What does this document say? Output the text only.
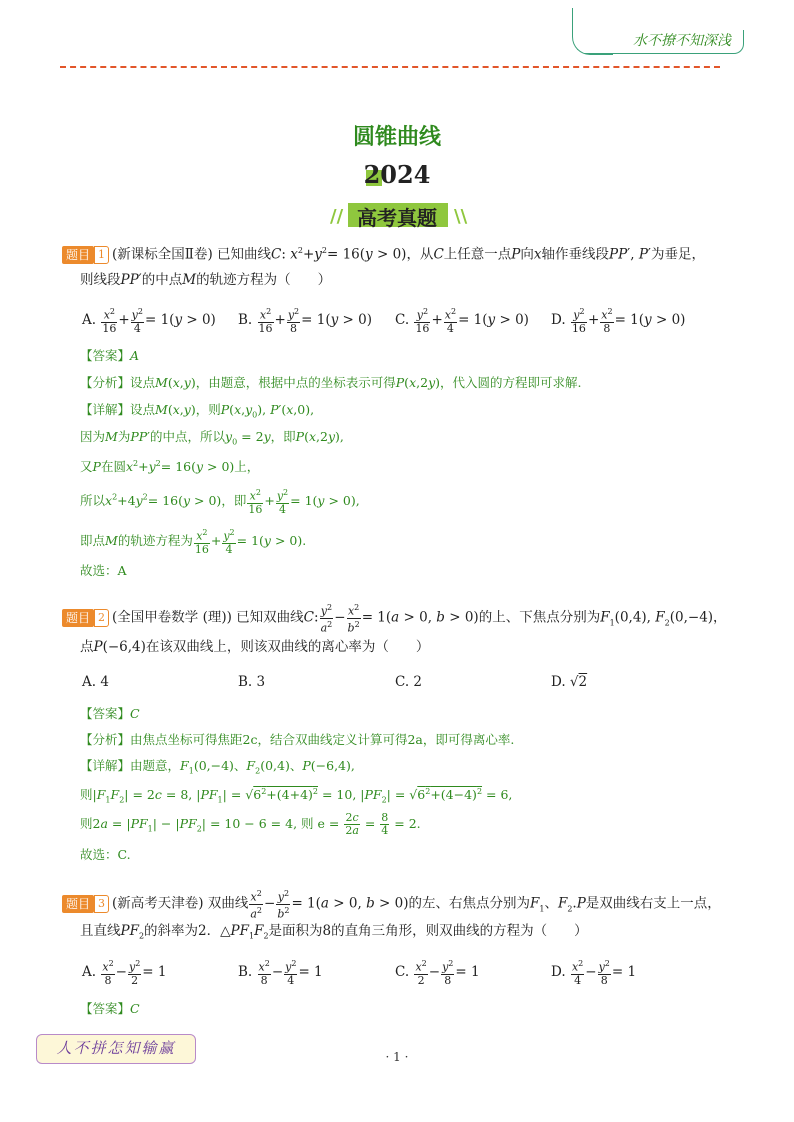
水不撩不知深浅
圆锥曲线
2024
高考真题
//	\\
题目 1 (新课标全国Ⅱ卷) 已知曲线C: $x^2+y^2= 16(y > 0)$，从C上任意一点P向x轴作垂线段PP′, P′为垂足，
则线段PP′的中点M的轨迹方程为（　　）
A. $\frac{x^2}{16} + \frac{y^2}{4} = 1(y > 0)$ B. $\frac{x^2}{16} + \frac{y^2}{8} = 1(y > 0)$ C. $\frac{y^2}{16} + \frac{x^2}{4} = 1(y > 0)$ D. $\frac{y^2}{16} + \frac{x^2}{8} = 1(y > 0)$
【答案】A
【分析】设点M(x,y)，由题意，根据中点的坐标表示可得P(x,2y)，代入圆的方程即可求解.
【详解】设点M(x,y)，则$P(x,y_0)$, P′(x,0),
因为M为PP′的中点，所以$y_0 = 2y$，即P(x,2y),
又P在圆$x^2+y^2= 16(y > 0)$上，
所以$x^2+4y^2= 16(y > 0)$，即 $\frac{x^2}{16} + \frac{y^2}{4} = 1(y > 0)$,
即点M的轨迹方程为 $\frac{x^2}{16} + \frac{y^2}{4} = 1(y > 0)$.
故选：A
题目 2 (全国甲卷数学 (理)) 已知双曲线C: $\frac{y^2}{a^2} - \frac{x^2}{b^2} = 1(a > 0$, b > 0)的上、下焦点分别为$F_1(0,4)$, $F_2(0,-4)$，
点P(−6,4)在该双曲线上，则该双曲线的离心率为（　　）
A. 4	B. 3	C. 2	D. √2
【答案】C
【分析】由焦点坐标可得焦距2c，结合双曲线定义计算可得2a，即可得离心率.
【详解】由题意，$F_1(0,-4)$、$F_2(0,4)$、P(−6,4),
则$|F_1F_2| = 2c = 8$, $|PF_1| = √6^2+(4+4)^2 = 10$, $|PF_2| = √6^2+(4-4)^2 = 6$,
则$2a = |PF_1| - |PF_2| = 10 - 6 = 4$, 则 $e = \frac{2c}{2a} = \frac{8}{4} = 2$.
故选：C.
题目 3 (新高考天津卷) 双曲线 $\frac{x^2}{a^2} - \frac{y^2}{b^2} = 1(a > 0$, b > 0)的左、右焦点分别为$F_1$、$F_2.P$是双曲线右支上一点，
且直线$PF_2$的斜率为2．$\triangle PF_1F_2$是面积为8的直角三角形，则双曲线的方程为（　　）
A. $\frac{x^2}{8} - \frac{y^2}{2} = 1$	B. $\frac{x^2}{8} - \frac{y^2}{4} = 1$	C. $\frac{x^2}{2} - \frac{y^2}{8} = 1$	D. $\frac{x^2}{4} - \frac{y^2}{8} = 1$
【答案】C
人不拼怎知输赢	· 1 ·
